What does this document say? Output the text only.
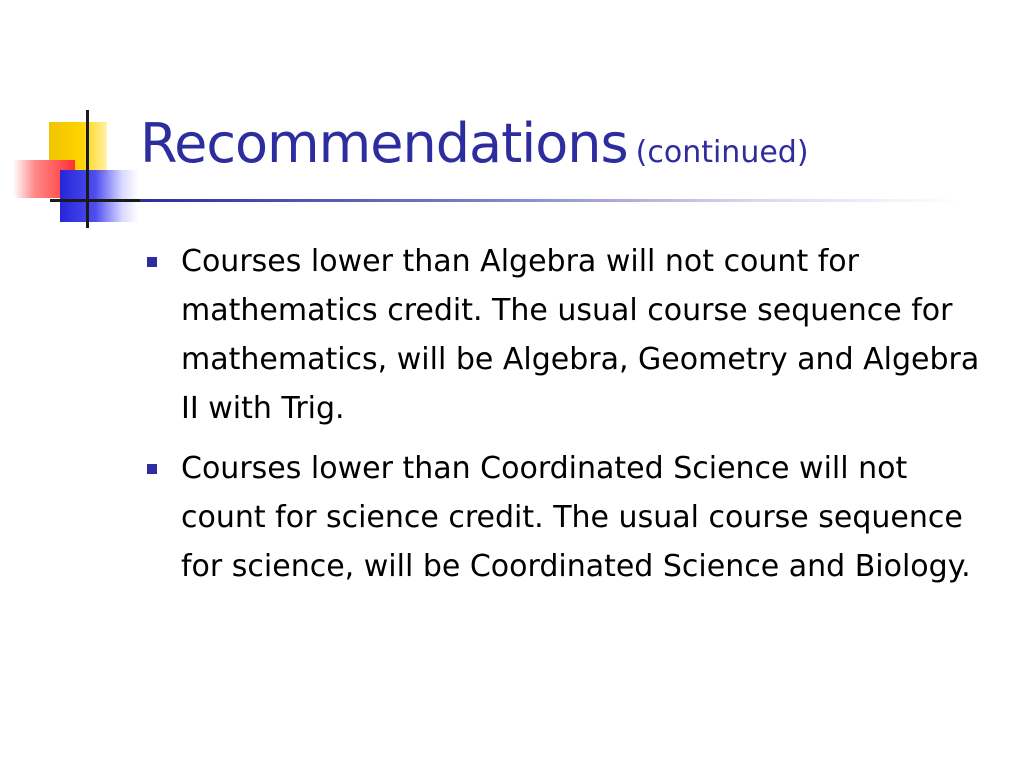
Recommendations (continued)
Courses lower than Algebra will not count for mathematics credit. The usual course sequence for mathematics, will be Algebra, Geometry and Algebra II with Trig.
Courses lower than Coordinated Science will not count for science credit. The usual course sequence for science, will be Coordinated Science and Biology.
